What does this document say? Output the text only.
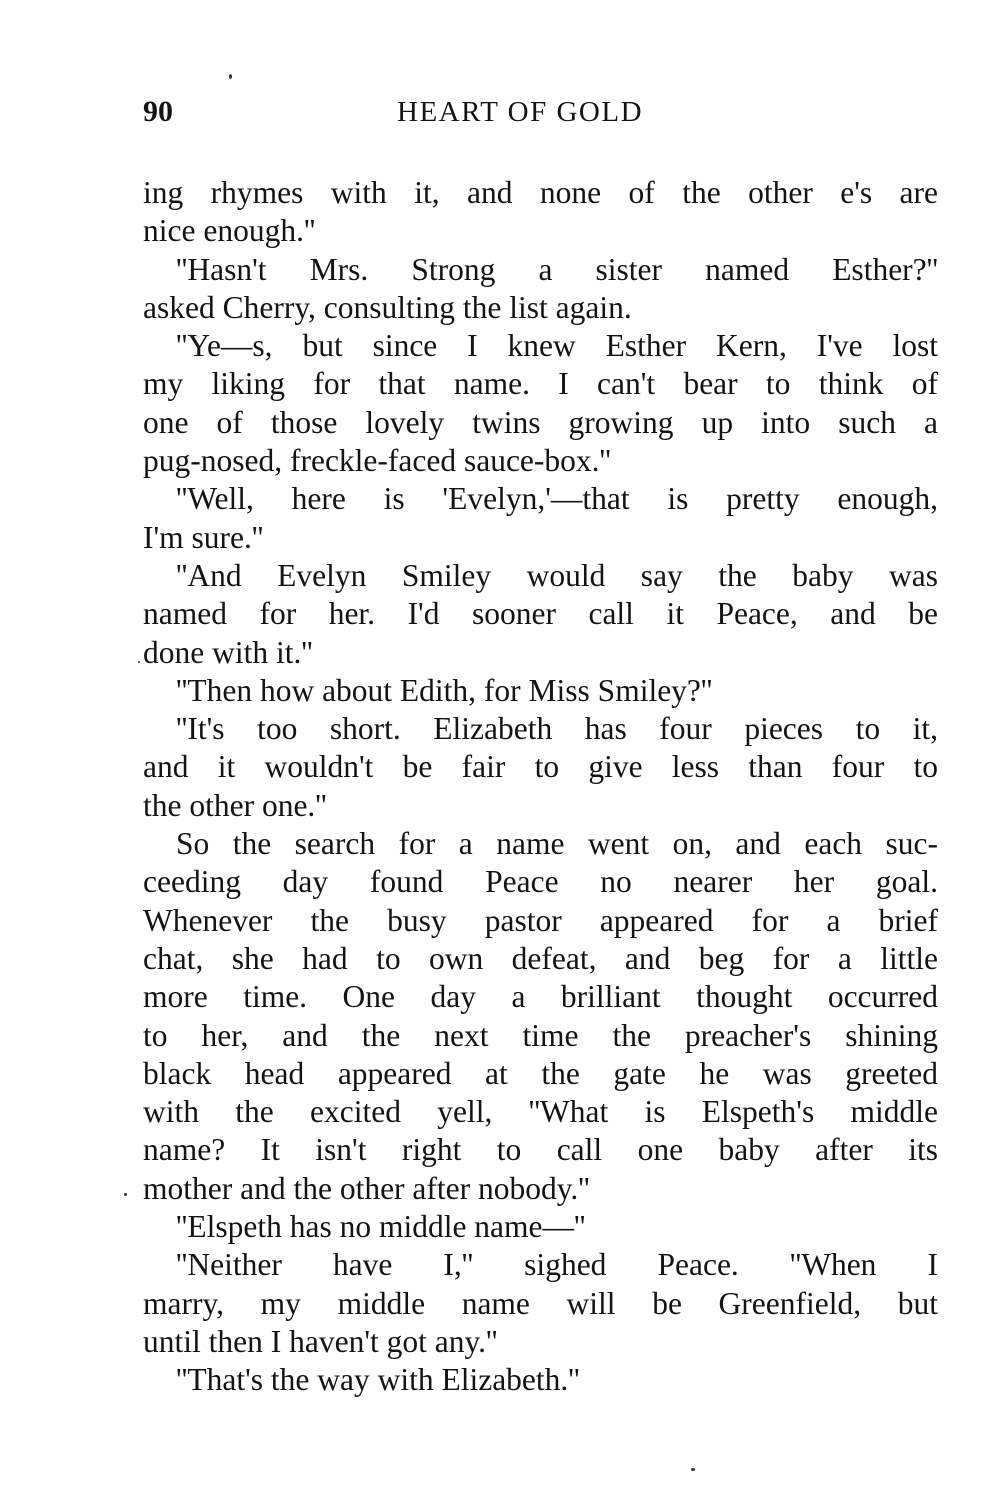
90	HEART OF GOLD
ing rhymes with it, and none of the other e's are
nice enough.''
''Hasn't Mrs. Strong a sister named Esther?''
asked Cherry, consulting the list again.
''Ye—s, but since I knew Esther Kern, I've lost
my liking for that name. I can't bear to think of
one of those lovely twins growing up into such a
pug-nosed, freckle-faced sauce-box.''
''Well, here is 'Evelyn,'—that is pretty enough,
I'm sure.''
''And Evelyn Smiley would say the baby was
named for her. I'd sooner call it Peace, and be
done with it.''
''Then how about Edith, for Miss Smiley?''
''It's too short. Elizabeth has four pieces to it,
and it wouldn't be fair to give less than four to
the other one.''
So the search for a name went on, and each suc-
ceeding day found Peace no nearer her goal.
Whenever the busy pastor appeared for a brief
chat, she had to own defeat, and beg for a little
more time. One day a brilliant thought occurred
to her, and the next time the preacher's shining
black head appeared at the gate he was greeted
with the excited yell, ''What is Elspeth's middle
name? It isn't right to call one baby after its
mother and the other after nobody.''
''Elspeth has no middle name—''
''Neither have I,'' sighed Peace. ''When I
marry, my middle name will be Greenfield, but
until then I haven't got any.''
''That's the way with Elizabeth.''
